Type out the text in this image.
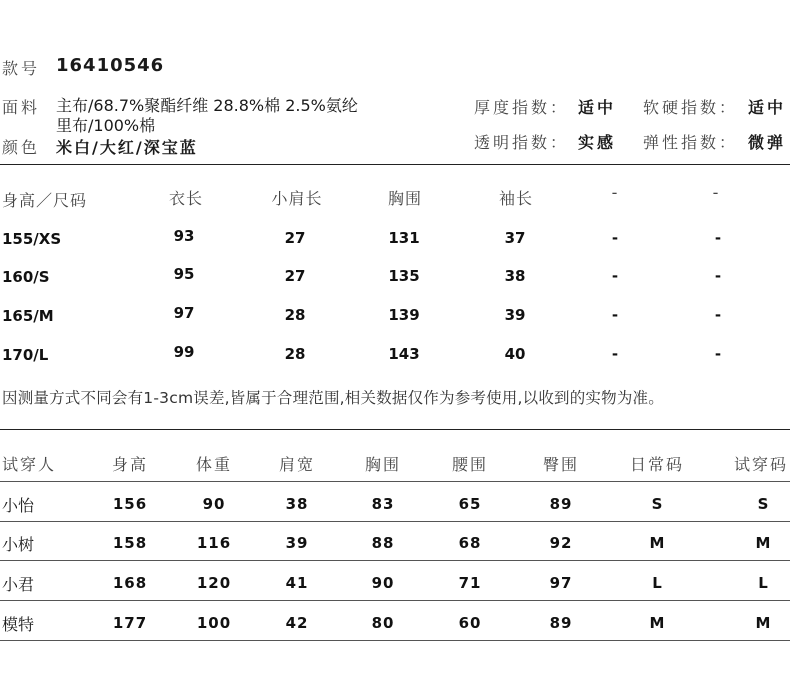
款号 16410546
面料 主布/68.7%聚酯纤维 28.8%棉 2.5%氨纶
里布/100%棉
颜色 米白/大红/深宝蓝
厚度指数： 适中 软硬指数： 适中
透明指数： 实感 弹性指数： 微弹
身高／尺码	衣长	小肩长	胸围	袖长	-	-
155/XS	93	27	131	37	-	-
160/S	95	27	135	38	-	-
165/M	97	28	139	39	-	-
170/L	99	28	143	40	-	-
因测量方式不同会有1-3cm误差,皆属于合理范围,相关数据仅作为参考使用,以收到的实物为准。
试穿人	身高	体重	肩宽	胸围	腰围	臀围	日常码	试穿码
小怡	156	90	38	83	65	89	S	S
小树	158	116	39	88	68	92	M	M
小君	168	120	41	90	71	97	L	L
模特	177	100	42	80	60	89	M	M
